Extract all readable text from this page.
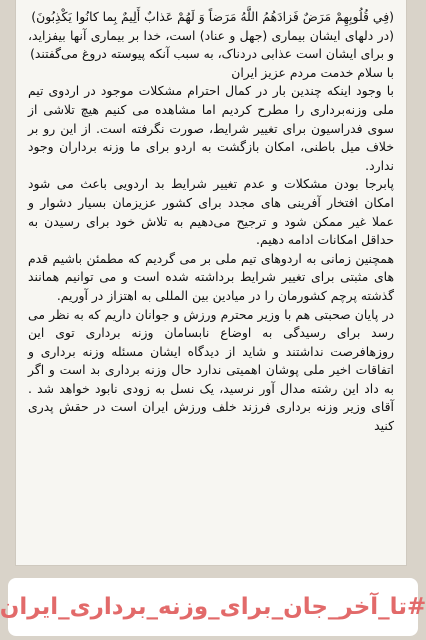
(فِي قُلُوبِهِمْ مَرَضٌ فَزادَهُمُ اللَّهُ مَرَضاً وَ لَهُمْ عَذابٌ أَلِيمٌ بِما كانُوا يَكْذِبُونَ)

(در دلهای ایشان بیماری (جهل و عناد) است، خدا بر بیماری آنها بیفزاید، و برای ایشان است عذابی دردناک، به سبب آنکه پیوسته دروغ می‌گفتند)

با سلام خدمت مردم عزیز ایران

با وجود اینکه چندین بار در کمال احترام مشکلات موجود در اردوی تیم ملی وزنه‌برداری را مطرح کردیم اما مشاهده می کنیم هیچ تلاشی از سوی فدراسیون برای تغییر شرایط، صورت نگرفته است. از این رو بر خلاف میل باطنی، امکان بازگشت به اردو برای ما وزنه برداران وجود ندارد.

پابرجا بودن مشکلات و عدم تغییر شرایط بد اردویی باعث می شود امکان افتخار آفرینی های مجدد برای کشور عزیزمان بسیار دشوار و عملا غیر ممکن شود و ترجیح می‌دهیم به تلاش خود برای رسیدن به حداقل امکانات ادامه دهیم.

همچنین زمانی به اردوهای تیم ملی بر می گردیم که مطمئن باشیم قدم های مثبتی برای تغییر شرایط برداشته شده است و می توانیم همانند گذشته پرچم کشورمان را در میادین بین المللی به اهتزاز در آوریم.

در پایان صحبتی هم با وزیر محترم ورزش و جوانان داریم که به نظر می رسد برای رسیدگی به اوضاع نابسامان وزنه برداری توی این روزهافرصت نداشتند و شاید از دیدگاه ایشان مسئله وزنه برداری و اتفاقات اخیر ملی پوشان اهمیتی ندارد حال وزنه برداری بد است و اگر به داد این رشته مدال آور نرسید، یک نسل به زودی نابود خواهد شد . آقای وزیر وزنه برداری فرزند خلف ورزش ایران است در حقش پدری کنید

#تا_آخر_جان_برای_وزنه_برداری_ایران
